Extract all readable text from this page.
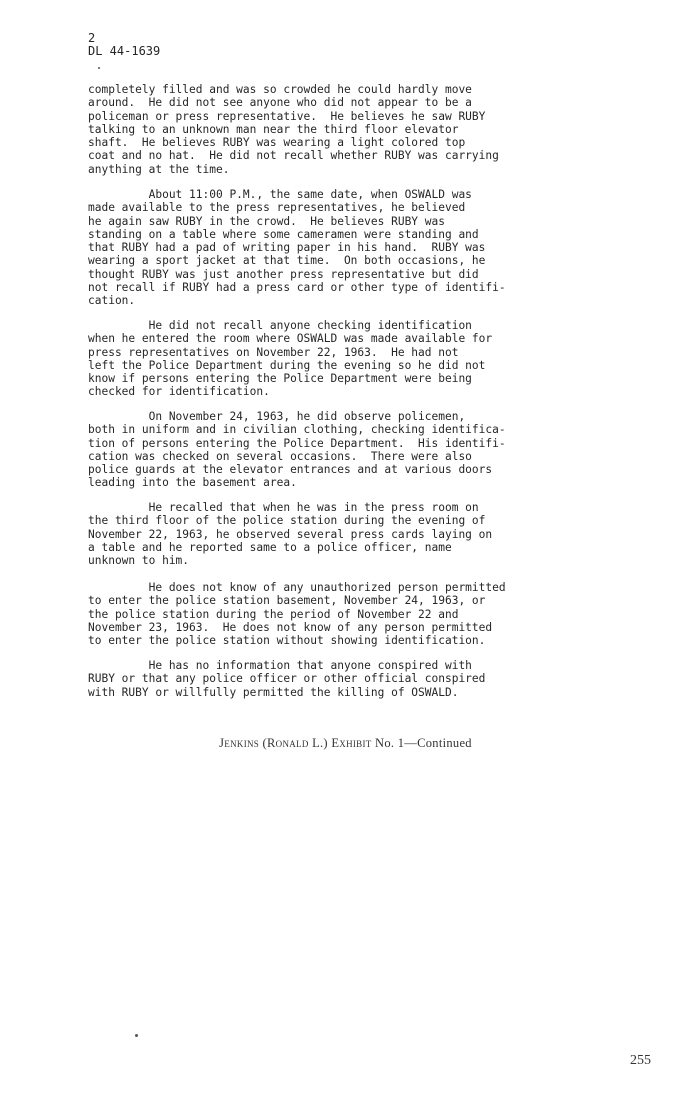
2
DL 44-1639
completely filled and was so crowded he could hardly move
around.  He did not see anyone who did not appear to be a
policeman or press representative.  He believes he saw RUBY
talking to an unknown man near the third floor elevator
shaft.  He believes RUBY was wearing a light colored top
coat and no hat.  He did not recall whether RUBY was carrying
anything at the time.
About 11:00 P.M., the same date, when OSWALD was
made available to the press representatives, he believed
he again saw RUBY in the crowd.  He believes RUBY was
standing on a table where some cameramen were standing and
that RUBY had a pad of writing paper in his hand.  RUBY was
wearing a sport jacket at that time.  On both occasions, he
thought RUBY was just another press representative but did
not recall if RUBY had a press card or other type of identifi-
cation.
He did not recall anyone checking identification
when he entered the room where OSWALD was made available for
press representatives on November 22, 1963.  He had not
left the Police Department during the evening so he did not
know if persons entering the Police Department were being
checked for identification.
On November 24, 1963, he did observe policemen,
both in uniform and in civilian clothing, checking identifica-
tion of persons entering the Police Department.  His identifi-
cation was checked on several occasions.  There were also
police guards at the elevator entrances and at various doors
leading into the basement area.
He recalled that when he was in the press room on
the third floor of the police station during the evening of
November 22, 1963, he observed several press cards laying on
a table and he reported same to a police officer, name
unknown to him.
He does not know of any unauthorized person permitted
to enter the police station basement, November 24, 1963, or
the police station during the period of November 22 and
November 23, 1963.  He does not know of any person permitted
to enter the police station without showing identification.
He has no information that anyone conspired with
RUBY or that any police officer or other official conspired
with RUBY or willfully permitted the killing of OSWALD.
Jenkins (Ronald L.) Exhibit No. 1—Continued
255
